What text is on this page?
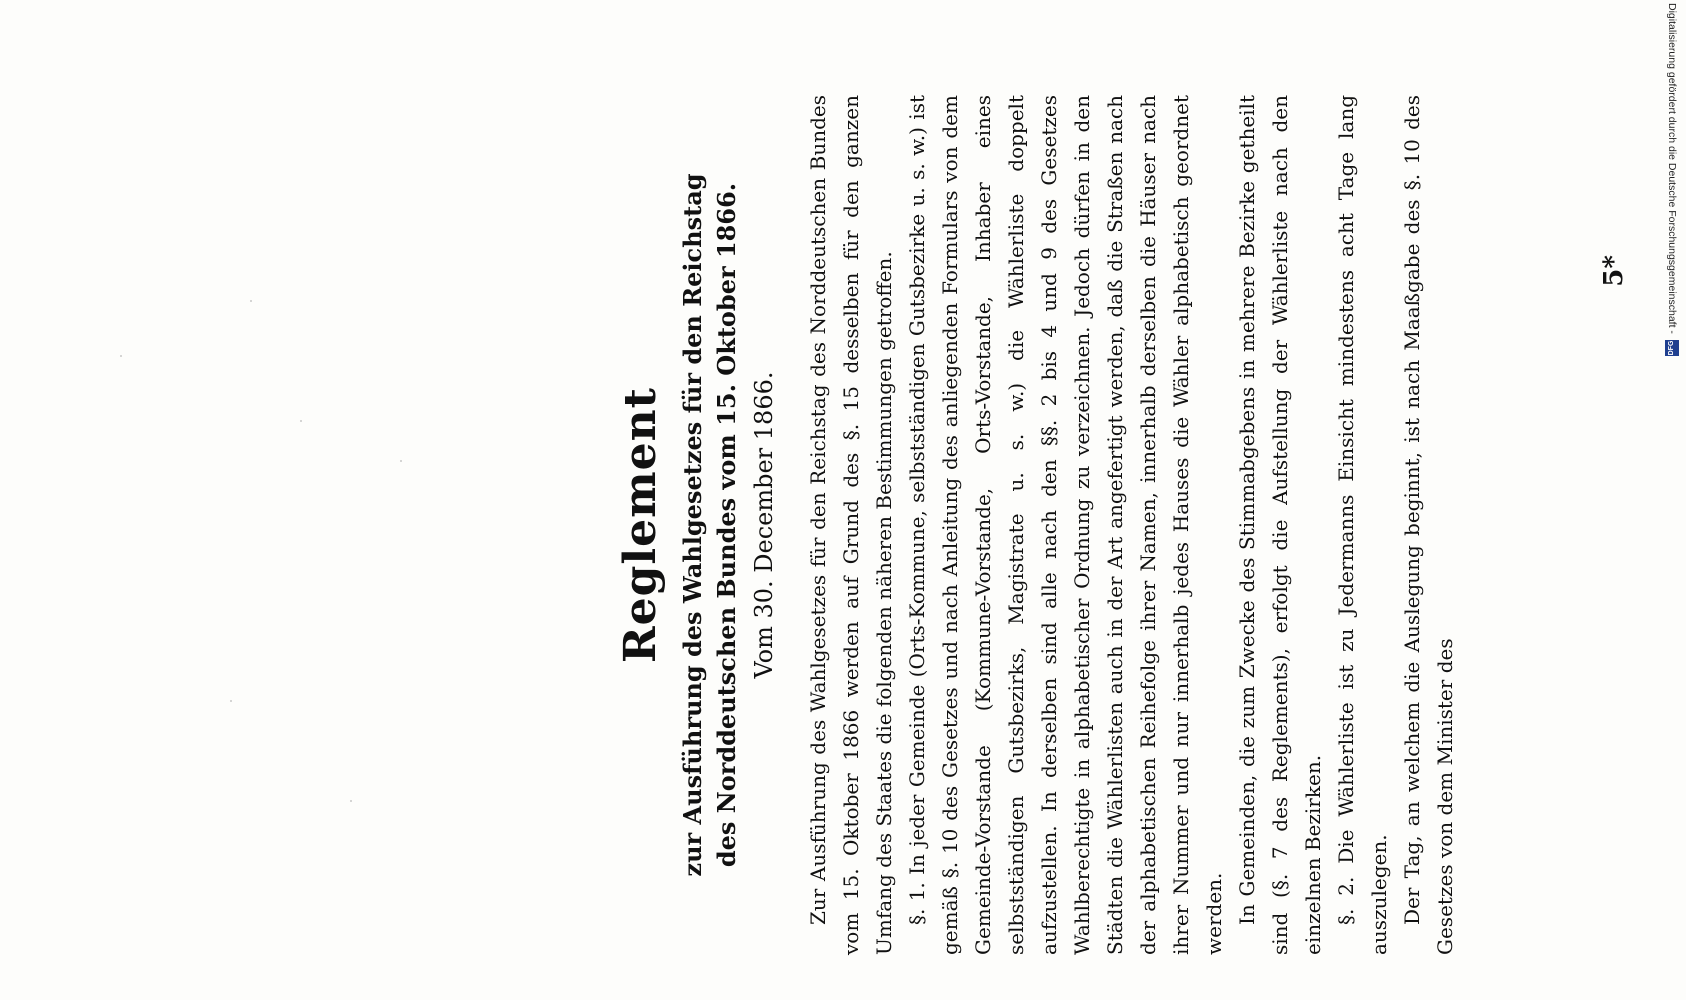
Reglement zur Ausführung des Wahlgesetzes für den Reichstag des Norddeutschen Bundes vom 15. Oktober 1866. Vom 30. December 1866. Zur Ausführung des Wahlgesetzes für den Reichstag des Norddeutschen Bundes vom 15. Oktober 1866 werden auf Grund des §. 15 desselben für den ganzen Umfang des Staates die folgenden näheren Bestimmungen getroffen. §. 1. In jeder Gemeinde (Orts-Kommune, selbstständigen Gutsbezirke u. s. w.) ist gemäß §. 10 des Gesetzes und nach Anleitung des anliegenden Formulars von dem Gemeinde-Vorstande (Kommune-Vorstande, Orts-Vorstande, Inhaber eines selbstständigen Gutsbezirks, Magistrate u. s. w.) die Wählerliste doppelt aufzustellen. In derselben sind alle nach den §§. 2 bis 4 und 9 des Gesetzes Wahlberechtigte in alphabetischer Ordnung zu verzeichnen. Jedoch dürfen in den Städten die Wählerlisten auch in der Art angefertigt werden, daß die Straßen nach der alphabetischen Reihefolge ihrer Namen, innerhalb derselben die Häuser nach ihrer Nummer und nur innerhalb jedes Hauses die Wähler alphabetisch geordnet werden. In Gemeinden, die zum Zwecke des Stimmabgebens in mehrere Bezirke getheilt sind (§. 7 des Reglements), erfolgt die Aufstellung der Wählerliste nach den einzelnen Bezirken. §. 2. Die Wählerliste ist zu Jedermanns Einsicht mindestens acht Tage lang auszulegen. Der Tag, an welchem die Auslegung beginnt, ist nach Maaßgabe des §. 10 des Gesetzes von dem Minister des

5*	Digitalisierung gefördert durch die Deutsche Forschungsgemeinschaft -
DFG
